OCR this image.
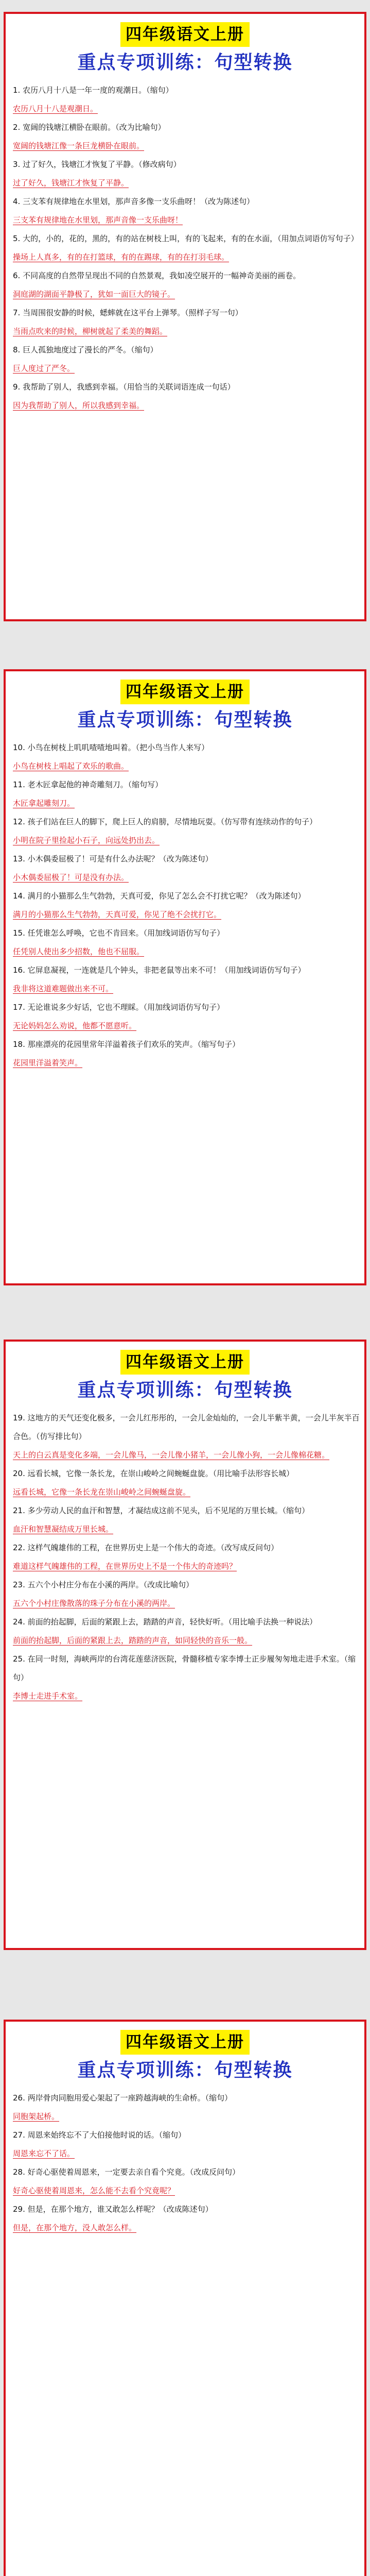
四年级语文上册
重点专项训练：句型转换
1. 农历八月十八是一年一度的观潮日。（缩句）
农历八月十八是观潮日。
2. 宽阔的钱塘江横卧在眼前。（改为比喻句）
宽阔的钱塘江像一条巨龙横卧在眼前。
3. 过了好久，钱塘江才恢复了平静。（修改病句）
过了好久，钱塘江才恢复了平静。
4. 三支苯有规律地在水里划，那声音多像一支乐曲呀！（改为陈述句）
三支苯有规律地在水里划，那声音像一支乐曲呀！
5. 大的，小的，花的，黑的，有的站在树枝上叫，有的飞起来，有的在水面，（用加点词语仿写句子）
操场上人真多，有的在打篮球，有的在踢球，有的在打羽毛球。
6. 不同高度的自然带呈现出不同的自然景观，我如凌空展开的一幅神奇美丽的画卷。
洞庭湖的湖面平静极了，犹如一面巨大的镜子。
7. 当周围很安静的时候，蟋蟀就在这平台上弹琴。（照样子写一句）
当雨点吹来的时候，柳树就起了柔美的舞蹈。
8. 巨人孤独地度过了漫长的严冬。（缩句）
巨人度过了严冬。
9. 我帮助了别人，我感到幸福。（用恰当的关联词语连成一句话）
因为我帮助了别人，所以我感到幸福。
四年级语文上册
重点专项训练：句型转换
10. 小鸟在树枝上叽叽喳喳地叫着。（把小鸟当作人来写）
小鸟在树枝上唱起了欢乐的歌曲。
11. 老木匠拿起他的神奇雕刻刀。（缩句写）
木匠拿起雕刻刀。
12. 孩子们站在巨人的脚下，爬上巨人的肩膀，尽情地玩耍。（仿写带有连续动作的句子）
小明在院子里捡起小石子，向远处扔出去。
13. 小木偶委屈极了！可是有什么办法呢？（改为陈述句）
小木偶委屈极了！可是没有办法。
14. 满月的小猫那么生气勃勃，天真可爱，你见了怎么会不打扰它呢？（改为陈述句）
满月的小猫那么生气勃勃，天真可爱，你见了绝不会扰打它。
15. 任凭谁怎么呼唤，它也不肯回来。（用加线词语仿写句子）
任凭别人使出多少招数，他也不屈服。
16. 它屏息凝视，一连就是几个钟头，非把老鼠等出来不可！（用加线词语仿写句子）
我非将这道难题做出来不可。
17. 无论谁说多少好话，它也不理睬。（用加线词语仿写句子）
无论妈妈怎么劝说，他都不愿意听。
18. 那座漂亮的花园里常年洋溢着孩子们欢乐的笑声。（缩写句子）
花园里洋溢着笑声。
四年级语文上册
重点专项训练：句型转换
19. 这地方的天气还变化极多，一会儿红彤彤的，一会儿金灿灿的，一会儿半紫半黄，一会儿半灰半百合色。（仿写排比句）
天上的白云真是变化多端，一会儿像马，一会儿像小猪羊，一会儿像小狗，一会儿像棉花糖。
20. 远看长城，它像一条长龙，在崇山峻岭之间蜿蜒盘旋。（用比喻手法形容长城）
远看长城，它像一条长龙在崇山峻岭之间蜿蜒盘旋。
21. 多少劳动人民的血汗和智慧，才凝结成这前不见头，后不见尾的万里长城。（缩句）
血汗和智慧凝结成万里长城。
22. 这样气魄雄伟的工程，在世界历史上是一个伟大的奇迹。（改写成反问句）
难道这样气魄雄伟的工程，在世界历史上不是一个伟大的奇迹吗？
23. 五六个小村庄分布在小溪的两岸。（改成比喻句）
五六个小村庄像散落的珠子分布在小溪的两岸。
24. 前面的抬起脚，后面的紧跟上去，踏踏的声音，轻快好听。（用比喻手法换一种说法）
前面的抬起脚，后面的紧跟上去，踏踏的声音，如同轻快的音乐一般。
25. 在同一时刻，海峡两岸的台湾花莲慈济医院，骨髓移植专家李博士正步履匆匆地走进手术室。（缩句）
李博士走进手术室。
四年级语文上册
重点专项训练：句型转换
26. 两岸骨肉同胞用爱心架起了一座跨越海峡的生命桥。（缩句）
同胞架起桥。
27. 周恩来始终忘不了大伯接他时说的话。（缩句）
周恩来忘不了话。
28. 好奇心驱使着周恩来，一定要去亲自看个究竟。（改成反问句）
好奇心驱使着周恩来，怎么能不去看个究竟呢？
29. 但是，在那个地方，谁又敢怎么样呢？（改成陈述句）
但是，在那个地方，没人敢怎么样。
